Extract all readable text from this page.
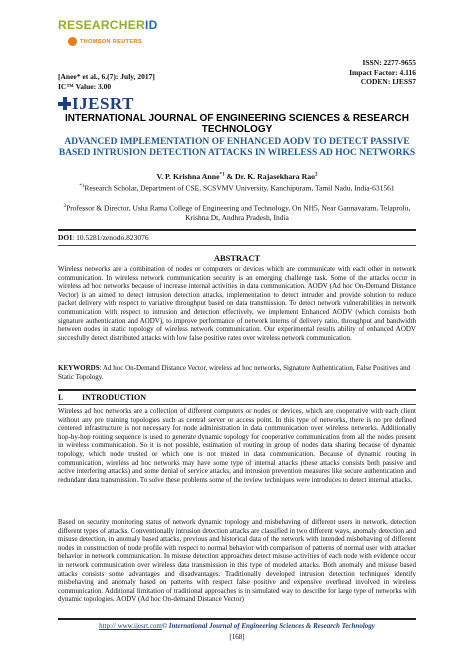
RESEARCHERID
THOMSON REUTERS
ISSN: 2277-9655
Impact Factor: 4.116
CODEN: IJESS7
[Anee* et al., 6.(7): July, 2017]
IC™ Value: 3.00
IJESRT
INTERNATIONAL JOURNAL OF ENGINEERING SCIENCES & RESEARCH TECHNOLOGY
ADVANCED IMPLEMENTATION OF ENHANCED AODV TO DETECT PASSIVE BASED INTRUSION DETECTION ATTACKS IN WIRELESS AD HOC NETWORKS
V. P. Krishna Anne$^{*1}$ & Dr. K. Rajasekhara Rao$^2$
$^{*1}$Research Scholar, Department of CSE, SCSVMV University, Kanchipuram, Tamil Nadu, India-631561
$^2$Professor & Director, Usha Rama College of Engineering and Technology, On NH5, Near Gannavaram, Telaprolu, Krishna Dt, Andhra Pradesh, India
DOI: 10.5281/zenodo.823076
ABSTRACT

Wireless networks are a combination of nodes or computers or devices which are communicate with each other in network communication. In wireless network communication security is an emerging challenge task. Some of the attacks occur in wireless ad hoc networks because of increase internal activities in data communication. AODV (Ad hoc On-Demand Distance Vector) is an aimed to detect intrusion detection attacks, implementation to detect intruder and provide solution to reduce packet delivery with respect to variative throughput based on data transmission. To detect network vulnerabilities in network communication with respect to intrusion and detection effectively, we implement Enhanced AODV (which consists both signature authentication and AODV), to improve performance of network interns of delivery ratio, throughput and bandwidth between nodes in static topology of wireless network communication. Our experimental results ability of enhanced AODV succesfully detect distributed attacks with low false positive rates over wireless network communication.

KEYWORDS: Ad hoc On-Demand Distance Vector, wireless ad hoc networks, Signature Authentication, False Positives and Static Topology.
I. INTRODUCTION

Wireless ad hoc networks are a collection of different computers or nodes or devices, which are cooperative with each client without any pre training topologies such as central server or access point. In this type of networks, there is no pre defined centered infrastructure is not necessary for node administration in data communication over wireless networks. Additionally hop-by-hop routing sequence is used to generate dynamic topology for cooperative communication from all the nodes present in wireless communication. So it is not possible, estimation of routing in group of nodes data sharing because of dynamic topology, which node trusted or which one is not trusted in data communication. Because of dynamic routing in communication, wireless ad hoc networks may have some type of internal attacks (these attacks consists both passive and active interfering attacks) and some denial of service attacks, and intrusion prevention measures like secure authentication and redundant data transmission. To solve these problems some of the review techniques were introduces to detect internal attacks.

Based on security monitoring status of network dynamic topology and misbehaving of different users in network, detection different types of attacks. Conventionally intrusion detection attacks are classified in two different ways, anomaly detection and misuse detection, in anomaly based attacks, previous and historical data of the network with intended misbehaving of different nodes in construction of node profile with respect to normal behavior with comparison of patterns of normal user with attacker behavior in network communication. In misuse detection approaches detect misuse activities of each node with evidence occur in network communication over wireless data transmission in this type of modeled attacks. Both anomaly and misuse based attacks consists some advantages and disadvantages. Traditionally developed intrusion detection techniques identify misbehaving and anomaly based on patterns with respect false positive and expensive overhead involved in wireless communication. Additional limitation of traditional approaches is in simulated way to describe for large type of networks with dynamic topologies. AODV (Ad hoc On-demand Distance Vector)

http:// www.ijesrt.com© International Journal of Engineering Sciences & Research Technology
[168]
